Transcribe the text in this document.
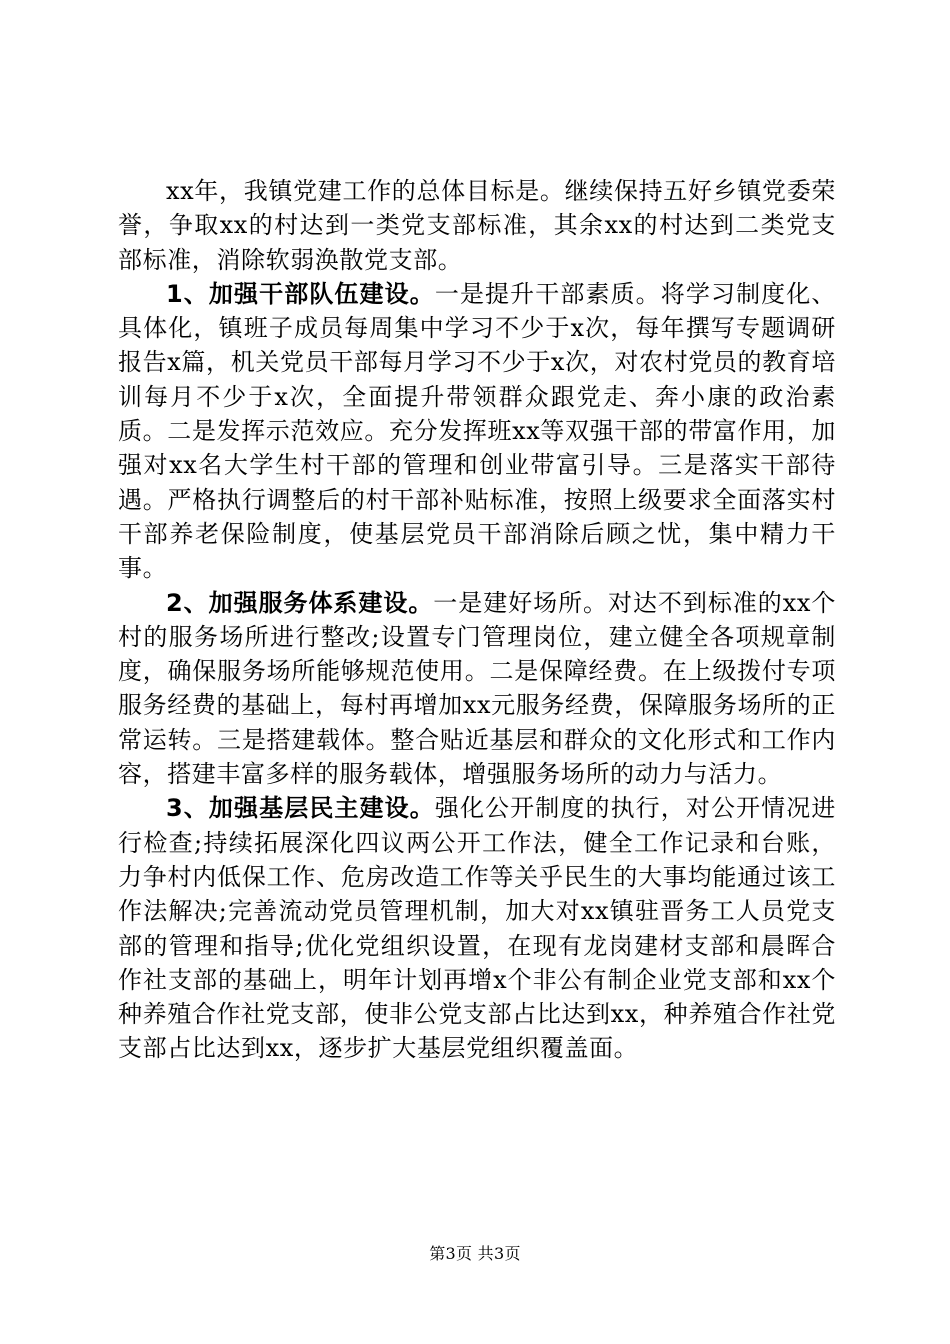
xx年，我镇党建工作的总体目标是。继续保持五好乡镇党委荣誉，争取xx的村达到一类党支部标准，其余xx的村达到二类党支部标准，消除软弱涣散党支部。

1、加强干部队伍建设。一是提升干部素质。将学习制度化、具体化，镇班子成员每周集中学习不少于x次，每年撰写专题调研报告x篇，机关党员干部每月学习不少于x次，对农村党员的教育培训每月不少于x次，全面提升带领群众跟党走、奔小康的政治素质。二是发挥示范效应。充分发挥班xx等双强干部的带富作用，加强对xx名大学生村干部的管理和创业带富引导。三是落实干部待遇。严格执行调整后的村干部补贴标准，按照上级要求全面落实村干部养老保险制度，使基层党员干部消除后顾之忧，集中精力干事。

2、加强服务体系建设。一是建好场所。对达不到标准的xx个村的服务场所进行整改;设置专门管理岗位，建立健全各项规章制度，确保服务场所能够规范使用。二是保障经费。在上级拨付专项服务经费的基础上，每村再增加xx元服务经费，保障服务场所的正常运转。三是搭建载体。整合贴近基层和群众的文化形式和工作内容，搭建丰富多样的服务载体，增强服务场所的动力与活力。

3、加强基层民主建设。强化公开制度的执行，对公开情况进行检查;持续拓展深化四议两公开工作法，健全工作记录和台账，力争村内低保工作、危房改造工作等关乎民生的大事均能通过该工作法解决;完善流动党员管理机制，加大对xx镇驻晋务工人员党支部的管理和指导;优化党组织设置，在现有龙岗建材支部和晨晖合作社支部的基础上，明年计划再增x个非公有制企业党支部和xx个种养殖合作社党支部，使非公党支部占比达到xx，种养殖合作社党支部占比达到xx，逐步扩大基层党组织覆盖面。

第3页 共3页
